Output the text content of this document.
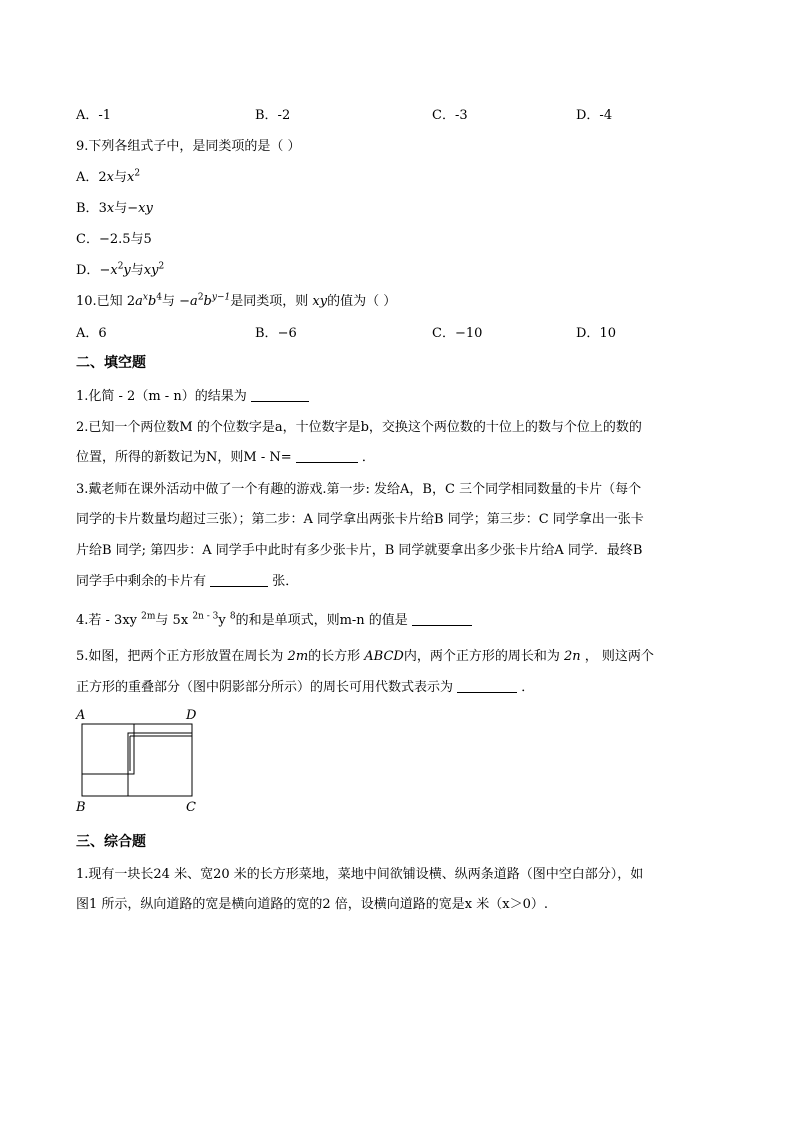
A．-1	B．-2	C．-3	D．-4
9.下列各组式子中，是同类项的是（ ）
A．2x与$x^2$
B．3x与−xy
C．−2.5与5
D．$-x^2y$与$xy^2$
10.已知 $2a^xb^4$与 $-a^2b^{y-1}$是同类项，则 xy的值为（ ）
A．6	B．−6	C．−10	D．10
二、填空题
1.化简 - 2（m - n）的结果为
2.已知一个两位数M 的个位数字是a，十位数字是b，交换这个两位数的十位上的数与个位上的数的
位置，所得的新数记为N，则M - N=	．
3.戴老师在课外活动中做了一个有趣的游戏.第一步: 发给A，B，C 三个同学相同数量的卡片（每个
同学的卡片数量均超过三张）；第二步：A 同学拿出两张卡片给B 同学；第三步：C 同学拿出一张卡
片给B 同学; 第四步：A 同学手中此时有多少张卡片，B 同学就要拿出多少张卡片给A 同学．最终B
同学手中剩余的卡片有	张．
4.若 - 3xy $^{2m}$与 5x $^{2n - 3}$y $^8$的和是单项式，则m-n 的值是
5.如图，把两个正方形放置在周长为 2m的长方形 ABCD内，两个正方形的周长和为 2n ， 则这两个
正方形的重叠部分（图中阴影部分所示）的周长可用代数式表示为	．
A	D
B	C
三、综合题
1.现有一块长24 米、宽20 米的长方形菜地，菜地中间欲铺设横、纵两条道路（图中空白部分），如
图1 所示，纵向道路的宽是横向道路的宽的2 倍，设横向道路的宽是x 米（x＞0）.
